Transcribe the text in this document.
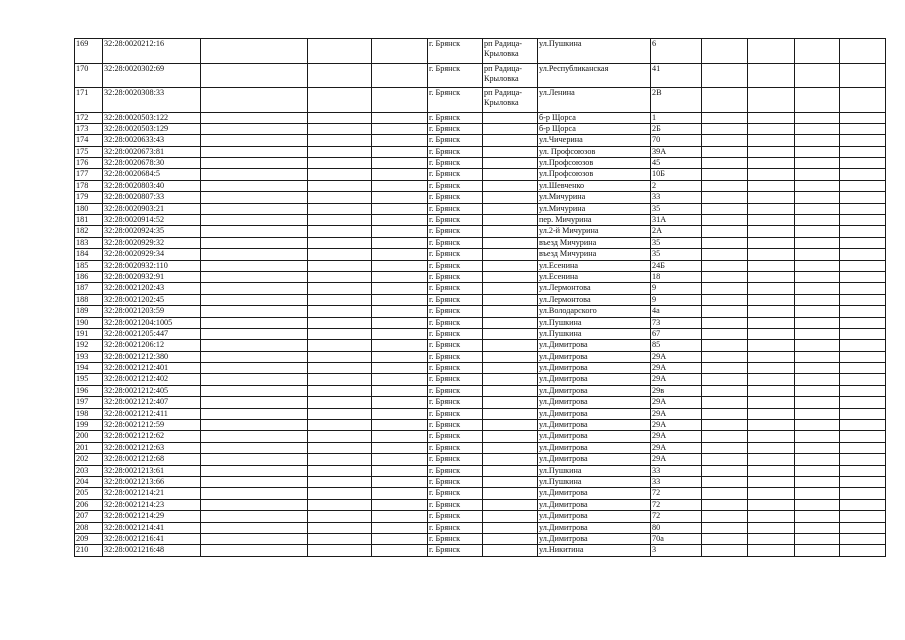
169	32:28:0020212:16				г. Брянск	рп Радица-Крыловка	ул.Пушкина	6				
170	32:28:0020302:69				г. Брянск	рп Радица-Крыловка	ул.Республиканская	41				
171	32:28:0020308:33				г. Брянск	рп Радица-Крыловка	ул.Ленина	2В				
172	32:28:0020503:122				г. Брянск		б-р Щорса	1				
173	32:28:0020503:129				г. Брянск		б-р Щорса	2Б				
174	32:28:0020633:43				г. Брянск		ул.Чичерина	70				
175	32:28:0020673:81				г. Брянск		ул. Профсоюзов	39А				
176	32:28:0020678:30				г. Брянск		ул.Профсоюзов	45				
177	32:28:0020684:5				г. Брянск		ул.Профсоюзов	10Б				
178	32:28:0020803:40				г. Брянск		ул.Шевченко	2				
179	32:28:0020807:33				г. Брянск		ул.Мичурина	33				
180	32:28:0020903:21				г. Брянск		ул.Мичурина	35				
181	32:28:0020914:52				г. Брянск		пер. Мичурина	31А				
182	32:28:0020924:35				г. Брянск		ул.2-й Мичурина	2А				
183	32:28:0020929:32				г. Брянск		въезд Мичурина	35				
184	32:28:0020929:34				г. Брянск		въезд Мичурина	35				
185	32:28:0020932:110				г. Брянск		ул.Есенина	24Б				
186	32:28:0020932:91				г. Брянск		ул.Есенина	18				
187	32:28:0021202:43				г. Брянск		ул.Лермонтова	9				
188	32:28:0021202:45				г. Брянск		ул.Лермонтова	9				
189	32:28:0021203:59				г. Брянск		ул.Володарского	4а				
190	32:28:0021204:1005				г. Брянск		ул.Пушкина	73				
191	32:28:0021205:447				г. Брянск		ул.Пушкина	67				
192	32:28:0021206:12				г. Брянск		ул.Димитрова	85				
193	32:28:0021212:380				г. Брянск		ул.Димитрова	29А				
194	32:28:0021212:401				г. Брянск		ул.Димитрова	29А				
195	32:28:0021212:402				г. Брянск		ул.Димитрова	29А				
196	32:28:0021212:405				г. Брянск		ул.Димитрова	29в				
197	32:28:0021212:407				г. Брянск		ул.Димитрова	29А				
198	32:28:0021212:411				г. Брянск		ул.Димитрова	29А				
199	32:28:0021212:59				г. Брянск		ул.Димитрова	29А				
200	32:28:0021212:62				г. Брянск		ул.Димитрова	29А				
201	32:28:0021212:63				г. Брянск		ул.Димитрова	29А				
202	32:28:0021212:68				г. Брянск		ул.Димитрова	29А				
203	32:28:0021213:61				г. Брянск		ул.Пушкина	33				
204	32:28:0021213:66				г. Брянск		ул.Пушкина	33				
205	32:28:0021214:21				г. Брянск		ул.Димитрова	72				
206	32:28:0021214:23				г. Брянск		ул.Димитрова	72				
207	32:28:0021214:29				г. Брянск		ул.Димитрова	72				
208	32:28:0021214:41				г. Брянск		ул.Димитрова	80				
209	32:28:0021216:41				г. Брянск		ул.Димитрова	70а				
210	32:28:0021216:48				г. Брянск		ул.Никитина	3				
